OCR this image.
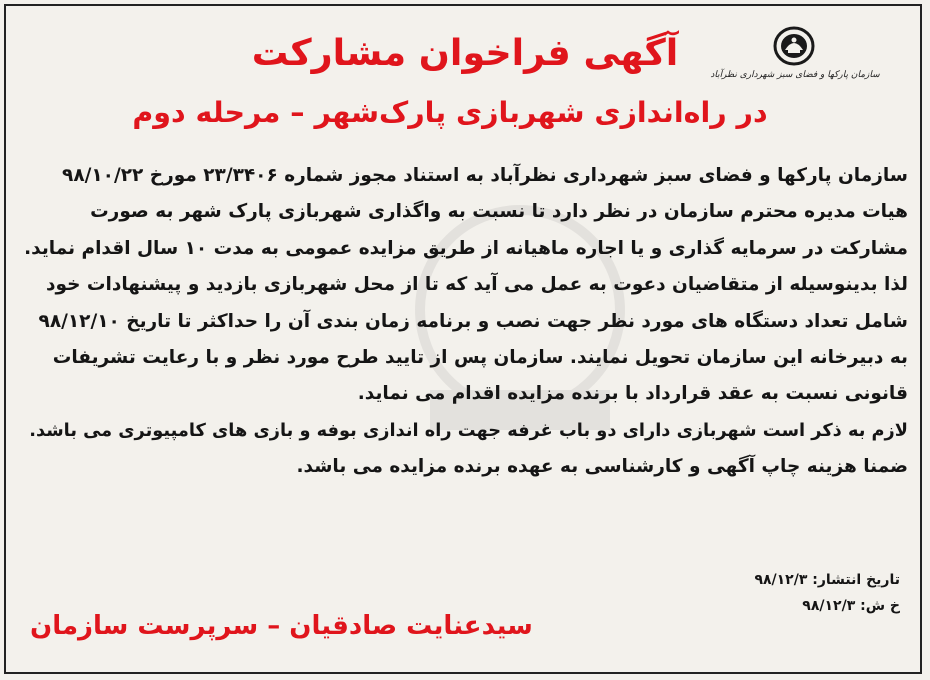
آگهی فراخوان مشارکت
در راه‌اندازی شهربازی پارک‌شهر – مرحله دوم
سازمان پارکها و فضای سبز شهرداری نظرآباد
سازمان پارکها و فضای سبز شهرداری نظرآباد به استناد مجوز شماره ۲۳/۳۴۰۶ مورخ ۹۸/۱۰/۲۲
هیات مدیره محترم سازمان در نظر دارد تا نسبت به واگذاری شهربازی پارک شهر به صورت
مشارکت در سرمایه گذاری و یا اجاره ماهیانه از طریق مزایده عمومی به مدت ۱۰ سال اقدام نماید.
لذا بدینوسیله از متقاضیان دعوت به عمل می آید که تا از محل شهربازی بازدید و پیشنهادات خود
شامل تعداد دستگاه های مورد نظر جهت نصب و برنامه زمان بندی آن را حداکثر تا تاریخ ۹۸/۱۲/۱۰
به دبیرخانه این سازمان تحویل نمایند. سازمان پس از تایید طرح مورد نظر و با رعایت تشریفات
قانونی نسبت به عقد قرارداد با برنده مزایده اقدام می نماید.
لازم به ذکر است شهربازی دارای دو باب غرفه جهت راه اندازی بوفه و بازی های کامپیوتری می باشد.
ضمنا هزینه چاپ آگهی و کارشناسی به عهده برنده مزایده می باشد.
تاریخ انتشار: ۹۸/۱۲/۳
خ ش: ۹۸/۱۲/۳
سیدعنایت صادقیان – سرپرست سازمان
